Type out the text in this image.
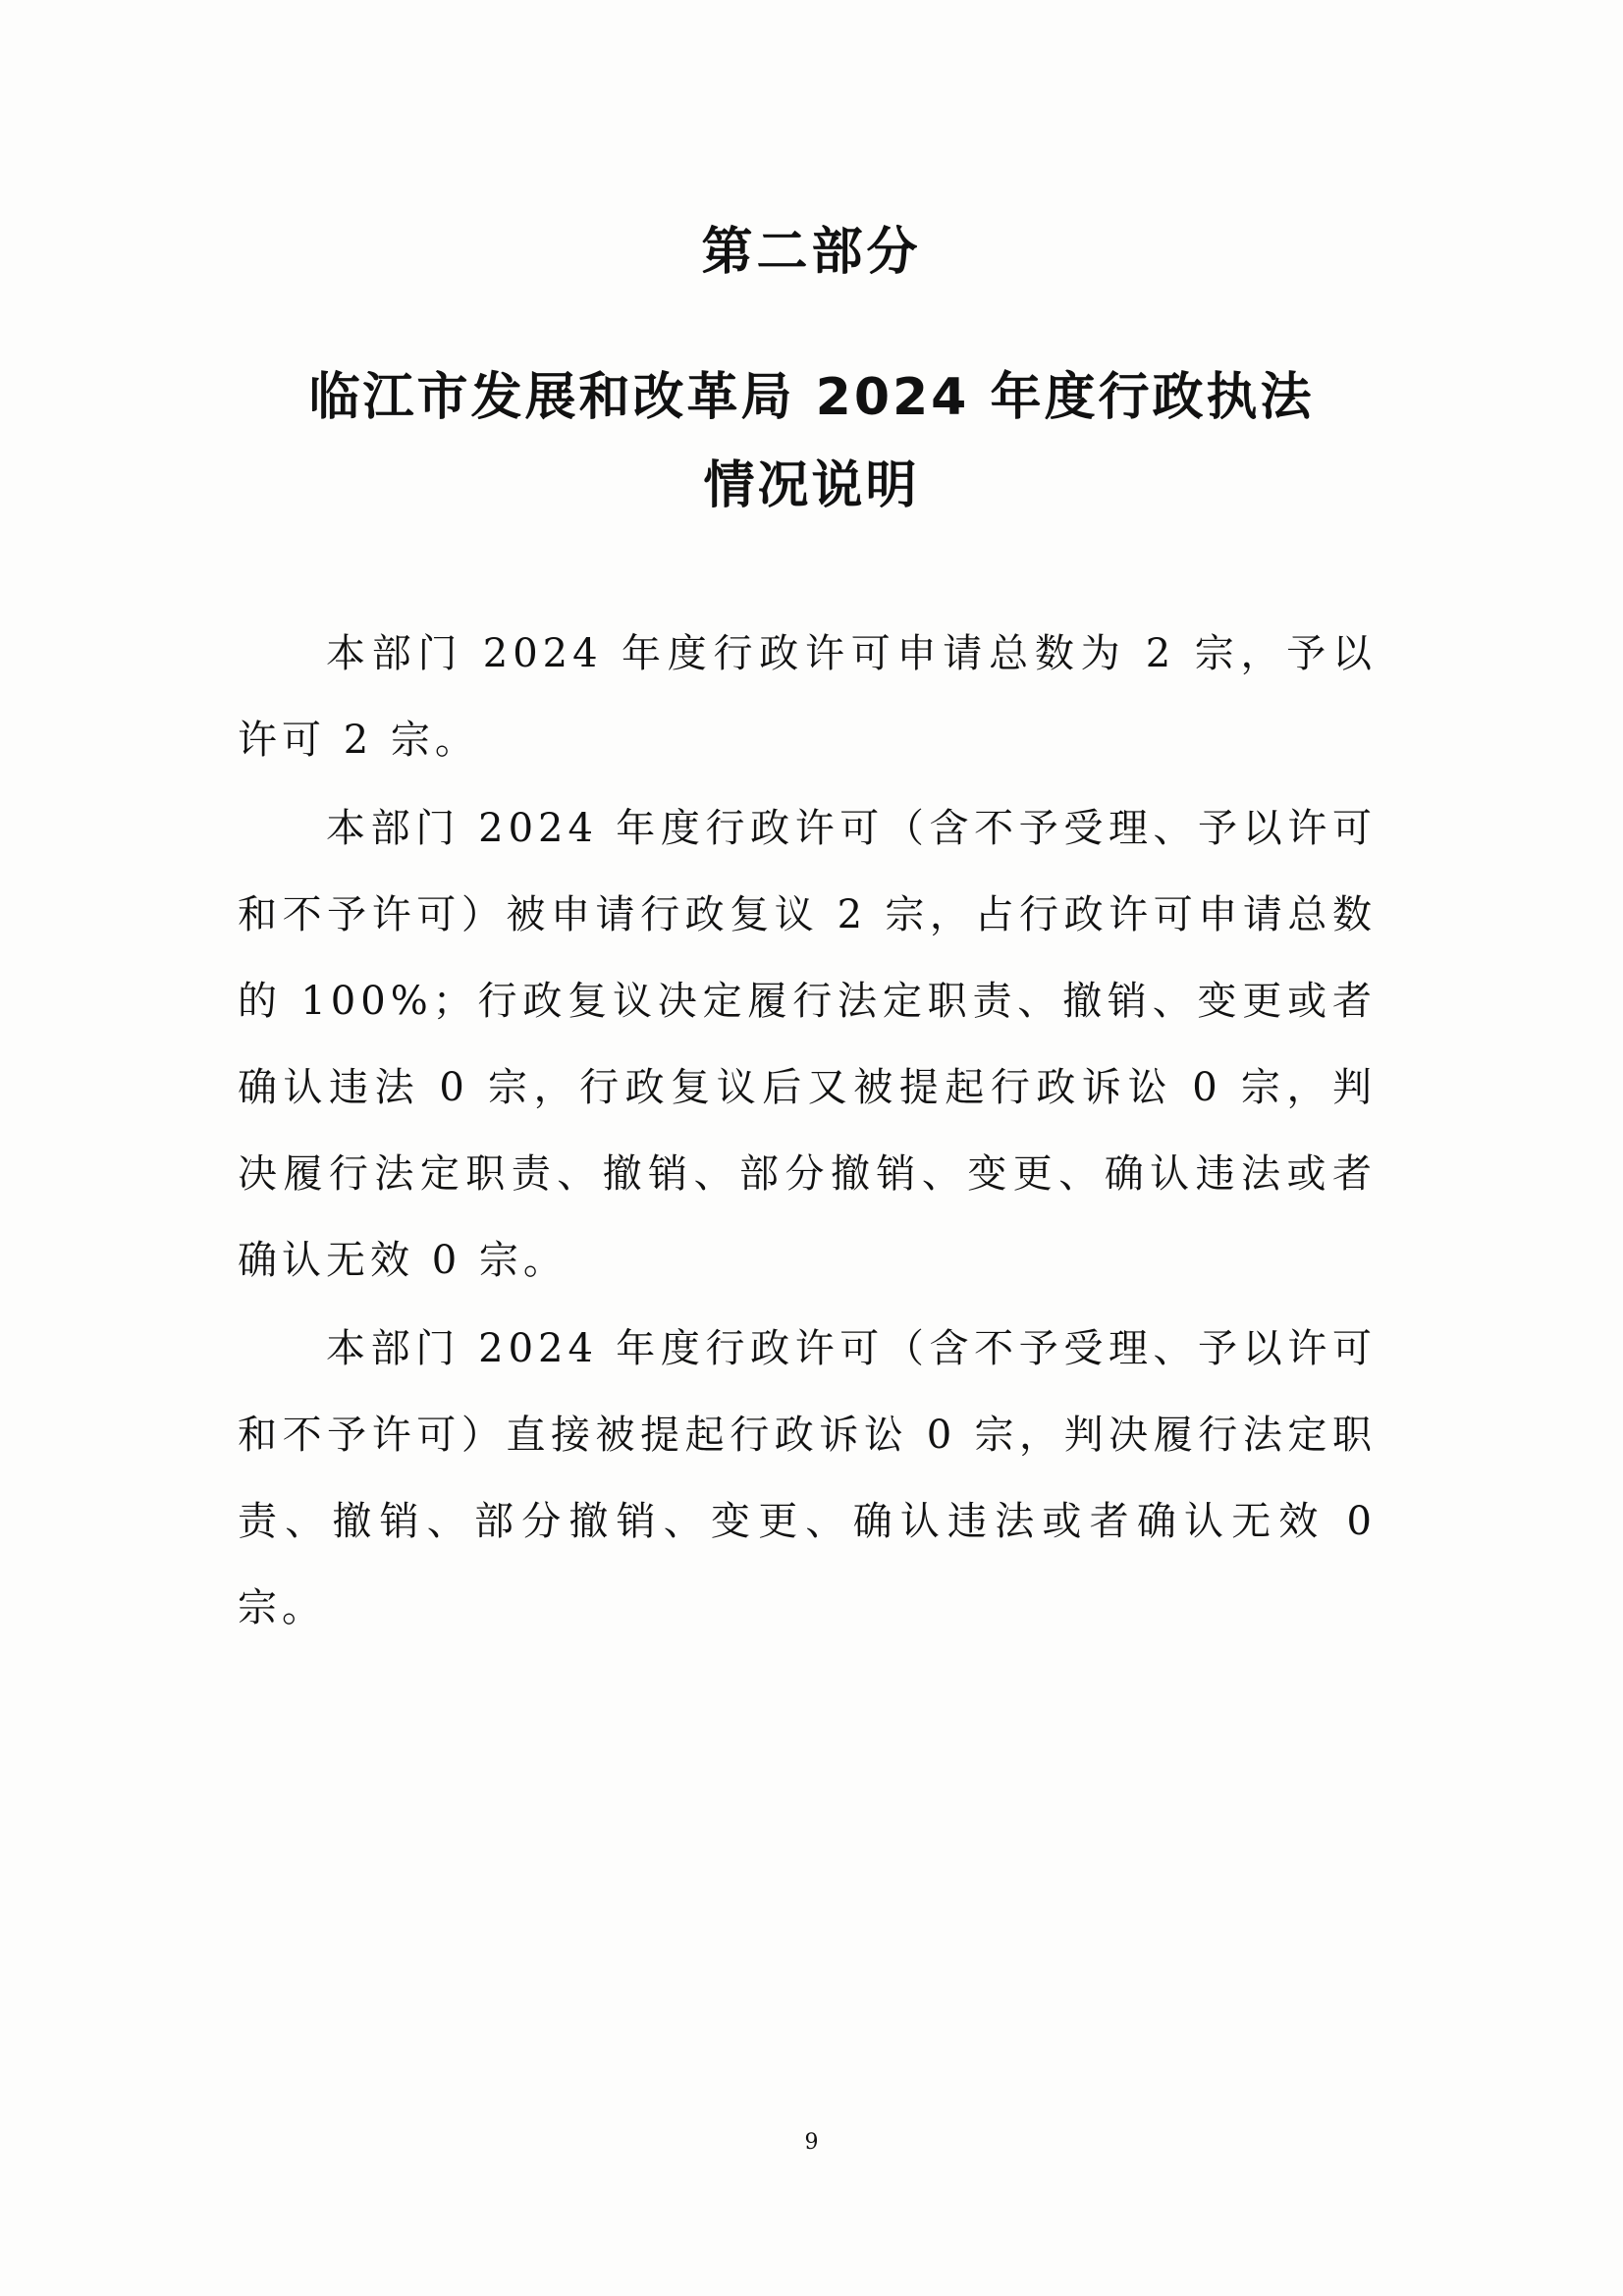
第二部分
临江市发展和改革局 2024 年度行政执法
情况说明

本部门 2024 年度行政许可申请总数为 2 宗，予以许可 2 宗。

本部门 2024 年度行政许可（含不予受理、予以许可和不予许可）被申请行政复议 2 宗，占行政许可申请总数的 100%；行政复议决定履行法定职责、撤销、变更或者确认违法 0 宗，行政复议后又被提起行政诉讼 0 宗，判决履行法定职责、撤销、部分撤销、变更、确认违法或者确认无效 0 宗。

本部门 2024 年度行政许可（含不予受理、予以许可和不予许可）直接被提起行政诉讼 0 宗，判决履行法定职责、撤销、部分撤销、变更、确认违法或者确认无效 0 宗。

9
